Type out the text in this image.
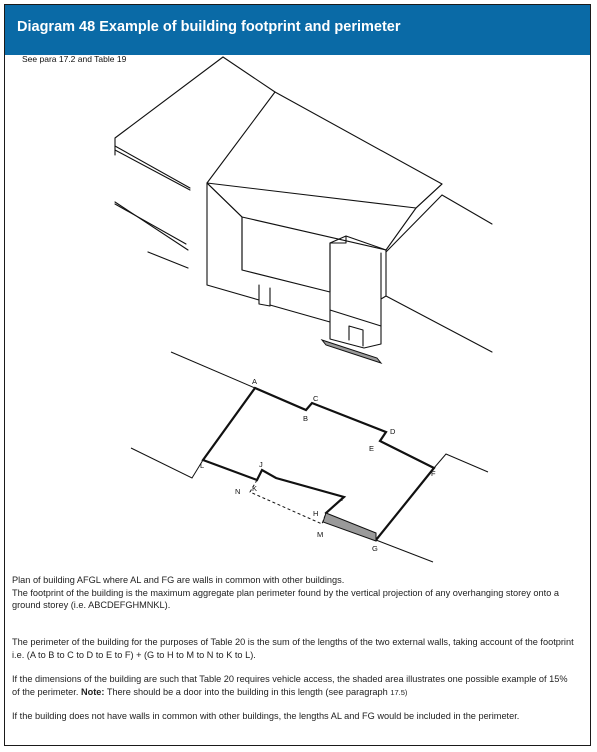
Diagram 48 Example of building footprint and perimeter
See para 17.2 and Table 19
A
B
C
D
E
F
G
H
I
J
K
L
M
N
Plan of building AFGL where AL and FG are walls in common with other buildings.
The footprint of the building is the maximum aggregate plan perimeter found by the vertical projection of any overhanging storey onto a ground storey (i.e. ABCDEFGHMNKL).
The perimeter of the building for the purposes of Table 20 is the sum of the lengths of the two external walls, taking account of the footprint i.e. (A to B to C to D to E to F) + (G to H to M to N to K to L).
If the dimensions of the building are such that Table 20 requires vehicle access, the shaded area illustrates one possible example of 15% of the perimeter. Note: There should be a door into the building in this length (see paragraph 17.5)
If the building does not have walls in common with other buildings, the lengths AL and FG would be included in the perimeter.
